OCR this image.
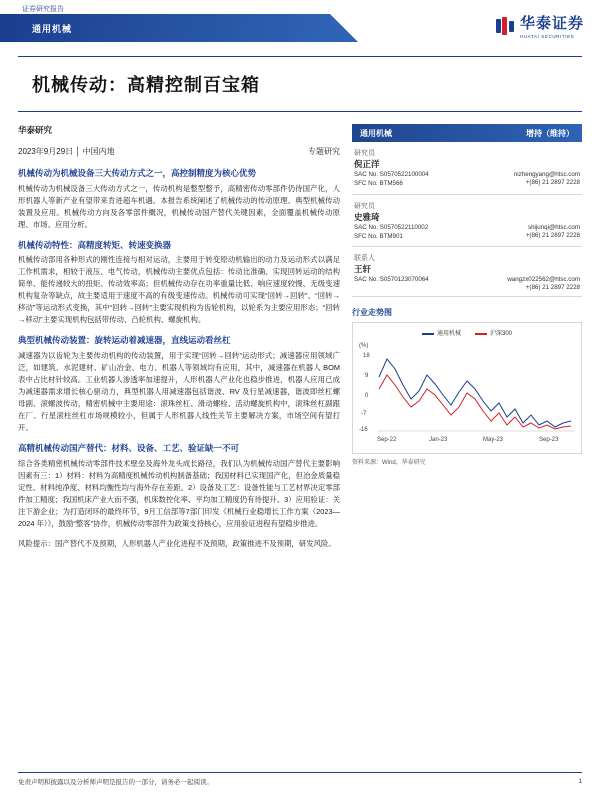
证券研究报告
通用机械	华泰证券
HUATAI SECURITIES
机械传动：高精控制百宝箱
华泰研究
2023年9月29日 │ 中国内地	专题研究
机械传动为机械设备三大传动方式之一，高控制精度为核心优势

机械传动为机械设备三大传动方式之一，传动机构是整型整予，高精密传动零部件仍待国产化，人形机器人等新产业有望带来肯进超车机遇。本报告系统阐述了机械传动的传动原理、典型机械传动装置及应用。机械传动方向及各零部件概况，机械传动国产替代关键因素，全面覆盖机械传动原理、市场、应用分析。

机械传动特性：高精度转矩、转速变换器

机械传动部用各种形式的刚性连接与相对运动，主要用于转变原动机输出的动力及运动形式以满足工作机需求，相较于液压、电气传动，机械传动主要优点包括：传动比准确、实现回转运动的结构简单、能传递较大的扭矩、传动效率高；但机械传动存在功率重量比低、响应速度较慢、无级变速机构复杂等缺点，故主要适用于速度不高的有级变速传动。机械传动可实现“回转→回转”、“回转→移动”等运动形式变换，其中“回转→回转”主要实现机构为齿轮机构，以轮系为主要应用形态；“回转→移动”主要实现机构包括带传动、凸轮机构、螺旋机构。

典型机械传动装置：旋转运动着减速器，直线运动看丝杠

减速器为以齿轮为主要传动机构的传动装置，用于实现“回转→回转”运动形式；减速器应用领域广泛，如建筑、水泥建材、矿山冶金、电力、机器人等领域均有应用，其中，减速器在机器人 BOM 表中占比材针较高。工业机器人渗透率加速提升，人形机器人产业化也稳步推进，机器人应用已成为减速器需求增长核心驱动力，典型机器人用减速器包括谐波、RV 及行星减速器，谐波即丝杠螺母副、滚螺波传动，精密机械中主要用途：滚珠丝杠、滑动螺栓、活动螺旋机构中，滚珠丝杠副跟在厂、行星滚柱丝杠市场规模较小，但属于人形机器人线性关节主要解决方案，市场空间有望打开。

高精机械传动国产替代：材料、设备、工艺、验证缺一不可

综合各类精密机械传动零部件技术壁垒及海外龙头成长路径，我们认为机械传动国产替代主要影响因素有三：1）材料：材料为高精度机械传动机构制备基础；我国材料已实现国产化，但冶金质量稳定性、材料纯净度、材料均衡性均与海外存在差距。2）设备及工艺：设备性能与工艺材界决定零部件加工精度；我国机床产业大而不强，机床数控化率、平均加工精度仍有待提升。3）应用验证：关注下游企业；为打造闭环的最终环节，9月工信部等7部门印发《机械行业稳增长工作方案（2023—2024 年）》，鼓励“整客”协作，机械传动零部件为政策支持核心，应用验证进程有望稳步推进。

风险提示：国产替代不及预期，人形机器人产业化进程不及预期，政策推进不及预期，研发风险。

通用机械	增持（维持）
研究员
倪正洋
SAC No. S0570522100004	nizhengyang@htsc.com
SFC No. BTM566	+(86) 21 2897 2228
研究员
史雅琦
SAC No. S0570522110002	shijunqi@htsc.com
SFC No. BTM901	+(86) 21 2897 2228
联系人
王轩
SAC No. S0570123070064	wangzx022562@htsc.com
+(86) 21 2897 2228
行业走势图
通用机械	沪深300
(%)
18
9
0
-7
-16
Sep-22	Jan-23	May-23	Sep-23
资料来源：Wind，华泰研究
免责声明和披露以及分析师声明是报告的一部分，请务必一起阅读。	1
